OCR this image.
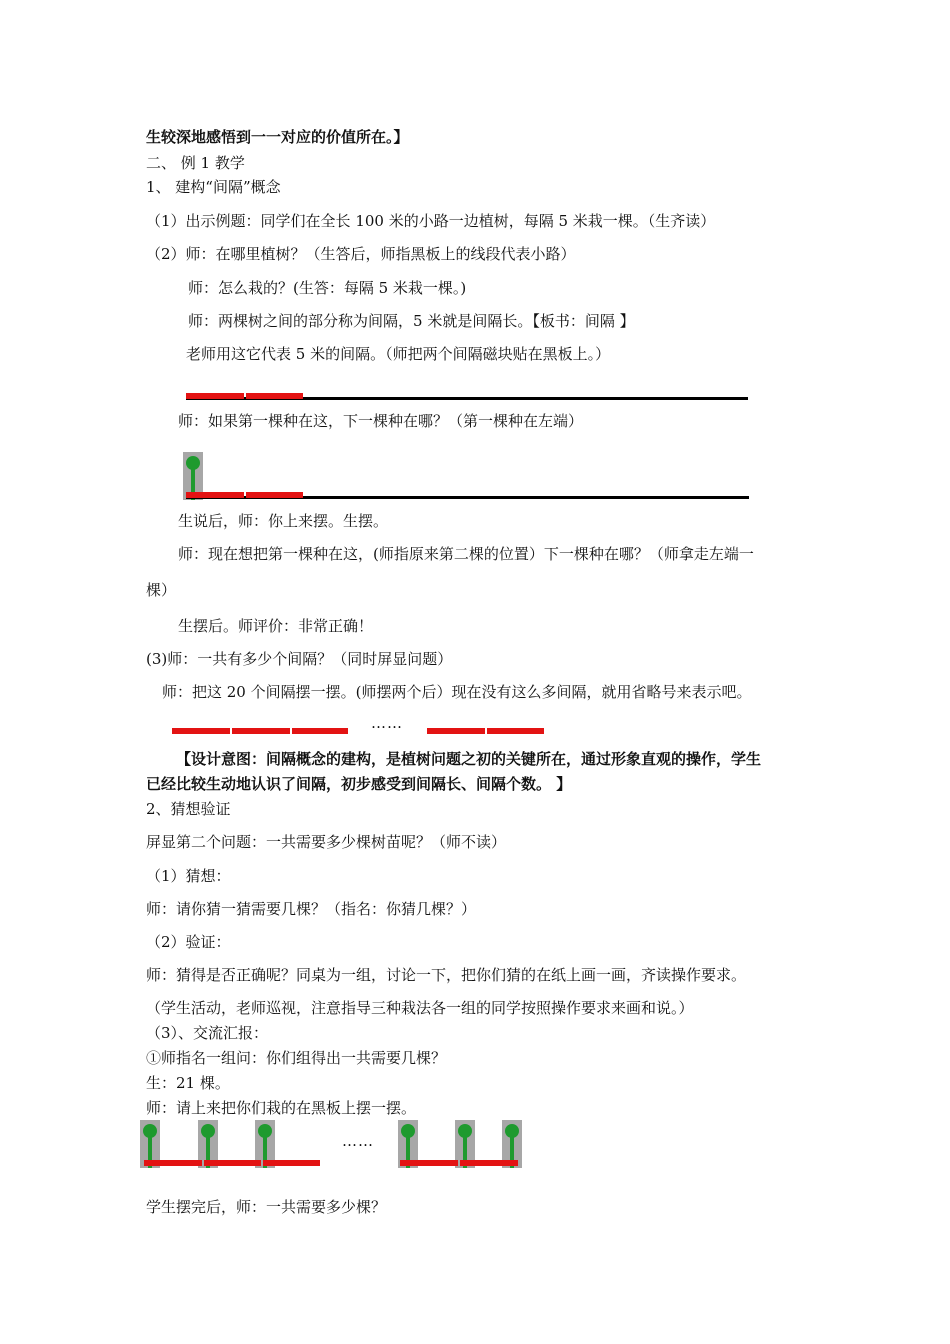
生较深地感悟到一一对应的价值所在。】
二、 例 1 教学
1、 建构“间隔”概念
（1）出示例题：同学们在全长 100 米的小路一边植树，每隔 5 米栽一棵。（生齐读）
（2）师：在哪里植树？（生答后，师指黑板上的线段代表小路）
师：怎么栽的？(生答：每隔 5 米栽一棵。)
师：两棵树之间的部分称为间隔，5 米就是间隔长。【板书：间隔 】
老师用这它代表 5 米的间隔。（师把两个间隔磁块贴在黑板上。）
师：如果第一棵种在这，下一棵种在哪？（第一棵种在左端）
生说后，师：你上来摆。生摆。
师：现在想把第一棵种在这，(师指原来第二棵的位置）下一棵种在哪？（师拿走左端一
棵）
生摆后。师评价：非常正确！
(3)师：一共有多少个间隔？（同时屏显问题）
师：把这 20 个间隔摆一摆。(师摆两个后）现在没有这么多间隔，就用省略号来表示吧。
……
【设计意图：间隔概念的建构，是植树问题之初的关键所在，通过形象直观的操作，学生
已经比较生动地认识了间隔，初步感受到间隔长、间隔个数。 】
2、猜想验证
屏显第二个问题：一共需要多少棵树苗呢？（师不读）
（1）猜想：
师：请你猜一猜需要几棵？（指名：你猜几棵？）
（2）验证：
师：猜得是否正确呢？同桌为一组，讨论一下，把你们猜的在纸上画一画，齐读操作要求。
（学生活动，老师巡视，注意指导三种栽法各一组的同学按照操作要求来画和说。）
（3）、交流汇报：
①师指名一组问：你们组得出一共需要几棵？
生：21 棵。
师：请上来把你们栽的在黑板上摆一摆。
……
学生摆完后，师：一共需要多少棵？
